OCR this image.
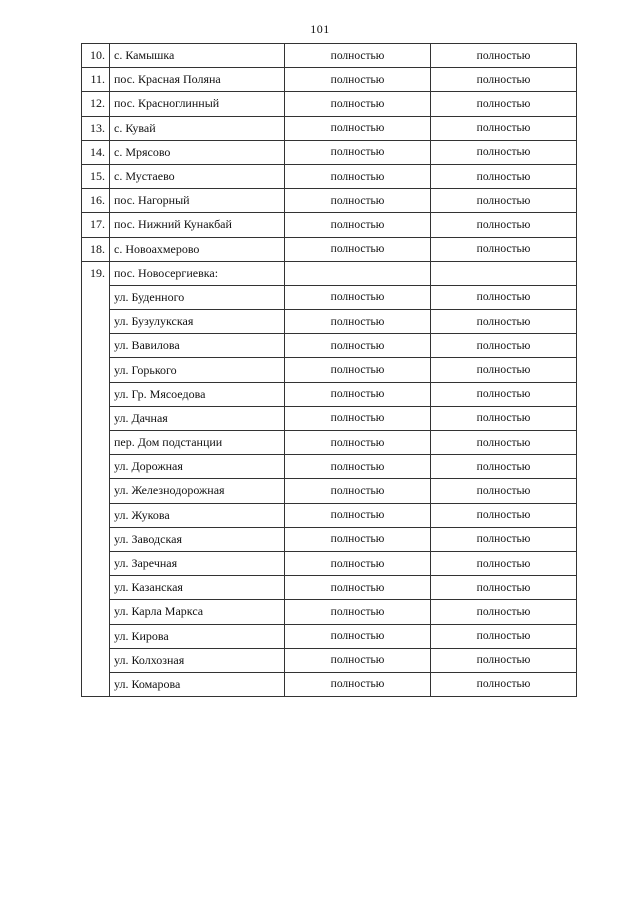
101
10.	с. Камышка	полностью	полностью
11.	пос. Красная Поляна	полностью	полностью
12.	пос. Красноглинный	полностью	полностью
13.	с. Кувай	полностью	полностью
14.	с. Мрясово	полностью	полностью
15.	с. Мустаево	полностью	полностью
16.	пос. Нагорный	полностью	полностью
17.	пос. Нижний Кунакбай	полностью	полностью
18.	с. Новоахмерово	полностью	полностью
19.	пос. Новосергиевка:		
	ул. Буденного	полностью	полностью
	ул. Бузулукская	полностью	полностью
	ул. Вавилова	полностью	полностью
	ул. Горького	полностью	полностью
	ул. Гр. Мясоедова	полностью	полностью
	ул. Дачная	полностью	полностью
	пер. Дом подстанции	полностью	полностью
	ул. Дорожная	полностью	полностью
	ул. Железнодорожная	полностью	полностью
	ул. Жукова	полностью	полностью
	ул. Заводская	полностью	полностью
	ул. Заречная	полностью	полностью
	ул. Казанская	полностью	полностью
	ул. Карла Маркса	полностью	полностью
	ул. Кирова	полностью	полностью
	ул. Колхозная	полностью	полностью
	ул. Комарова	полностью	полностью
